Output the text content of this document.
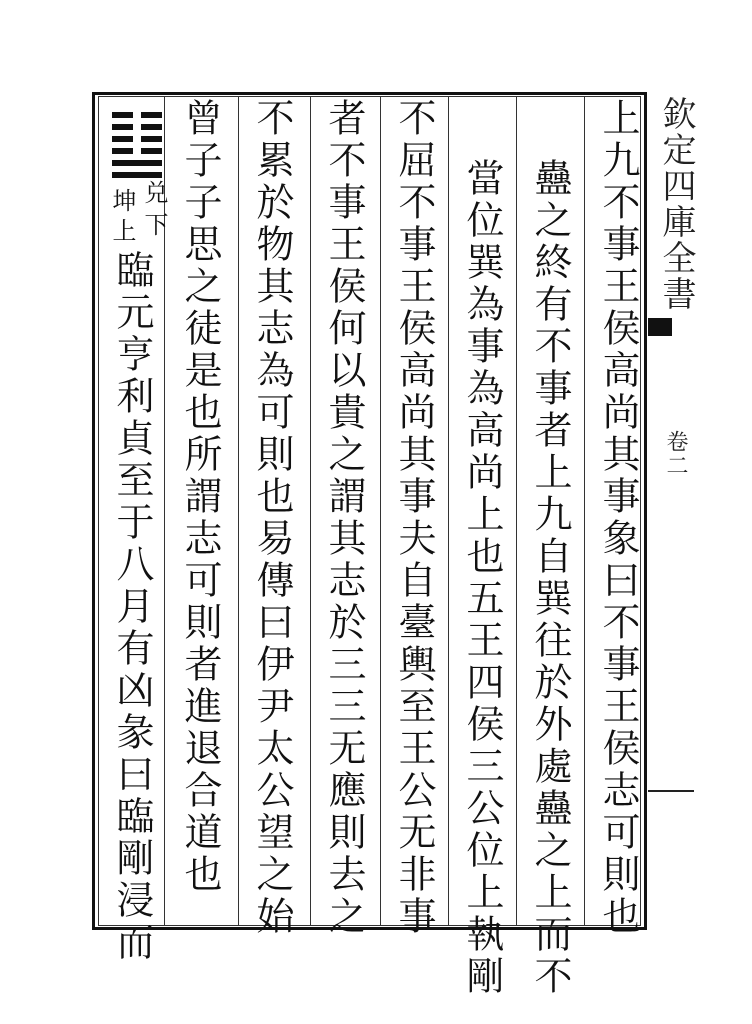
欽定四庫全書
卷二
上九不事王侯高尚其事象曰不事王侯志可則也
蠱之終有不事者上九自巽往於外處蠱之上而不
當位巽為事為高尚上也五王四侯三公位上執剛
不屈不事王侯高尚其事夫自臺輿至王公无非事
者不事王侯何以貴之謂其志於三三无應則去之
不累於物其志為可則也易傳曰伊尹太公望之始
曾子子思之徒是也所謂志可則者進退合道也
臨元亨利貞至于八月有凶彖曰臨剛浸而
兑
下
坤
上
